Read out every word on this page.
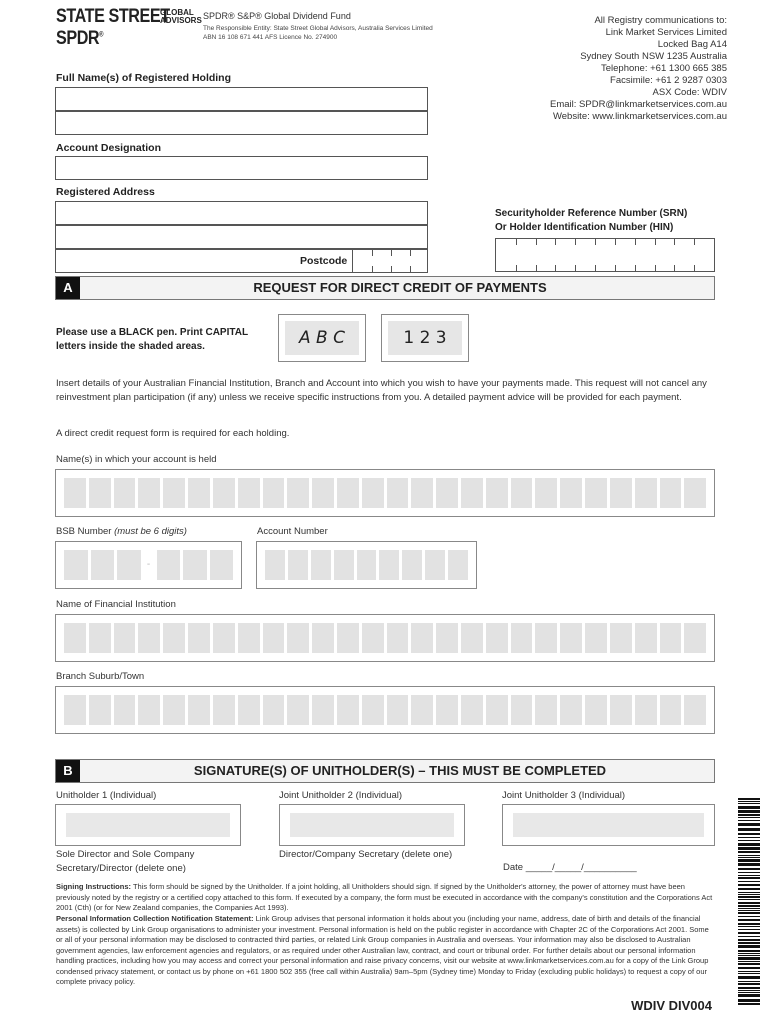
STATE STREET
GLOBAL
ADVISORS
SPDR®
SPDR® S&P® Global Dividend Fund
The Responsible Entity: State Street Global Advisors, Australia Services Limited
ABN 16 108 671 441 AFS Licence No. 274900
All Registry communications to:
Link Market Services Limited
Locked Bag A14
Sydney South NSW 1235 Australia
Telephone: +61 1300 665 385
Facsimile: +61 2 9287 0303
ASX Code: WDIV
Email: SPDR@linkmarketservices.com.au
Website: www.linkmarketservices.com.au
Full Name(s) of Registered Holding
Account Designation
Registered Address
Postcode
Securityholder Reference Number (SRN)
Or Holder Identification Number (HIN)
A	REQUEST FOR DIRECT CREDIT OF PAYMENTS
Please use a BLACK pen. Print CAPITAL
letters inside the shaded areas.	A B C	1 2 3
Insert details of your Australian Financial Institution, Branch and Account into which you wish to have your payments made. This request will not cancel any reinvestment plan participation (if any) unless we receive specific instructions from you. A detailed payment advice will be provided for each payment.
A direct credit request form is required for each holding.
Name(s) in which your account is held
BSB Number (must be 6 digits)
-
Account Number
Name of Financial Institution
Branch Suburb/Town
B	SIGNATURE(S) OF UNITHOLDER(S) – THIS MUST BE COMPLETED
Unitholder 1 (Individual)	Joint Unitholder 2 (Individual)	Joint Unitholder 3 (Individual)
Sole Director and Sole Company
Secretary/Director (delete one)
Director/Company Secretary (delete one)
Date _____/_____/__________
Signing Instructions: This form should be signed by the Unitholder. If a joint holding, all Unitholders should sign. If signed by the Unitholder's attorney, the power of attorney must have been previously noted by the registry or a certified copy attached to this form. If executed by a company, the form must be executed in accordance with the company's constitution and the Corporations Act 2001 (Cth) (or for New Zealand companies, the Companies Act 1993).
Personal Information Collection Notification Statement: Link Group advises that personal information it holds about you (including your name, address, date of birth and details of the financial assets) is collected by Link Group organisations to administer your investment. Personal information is held on the public register in accordance with Chapter 2C of the Corporations Act 2001. Some or all of your personal information may be disclosed to contracted third parties, or related Link Group companies in Australia and overseas. Your information may also be disclosed to Australian government agencies, law enforcement agencies and regulators, or as required under other Australian law, contract, and court or tribunal order. For further details about our personal information handling practices, including how you may access and correct your personal information and raise privacy concerns, visit our website at www.linkmarketservices.com.au for a copy of the Link Group condensed privacy statement, or contact us by phone on +61 1800 502 355 (free call within Australia) 9am–5pm (Sydney time) Monday to Friday (excluding public holidays) to request a copy of our complete privacy policy.
WDIV DIV004
